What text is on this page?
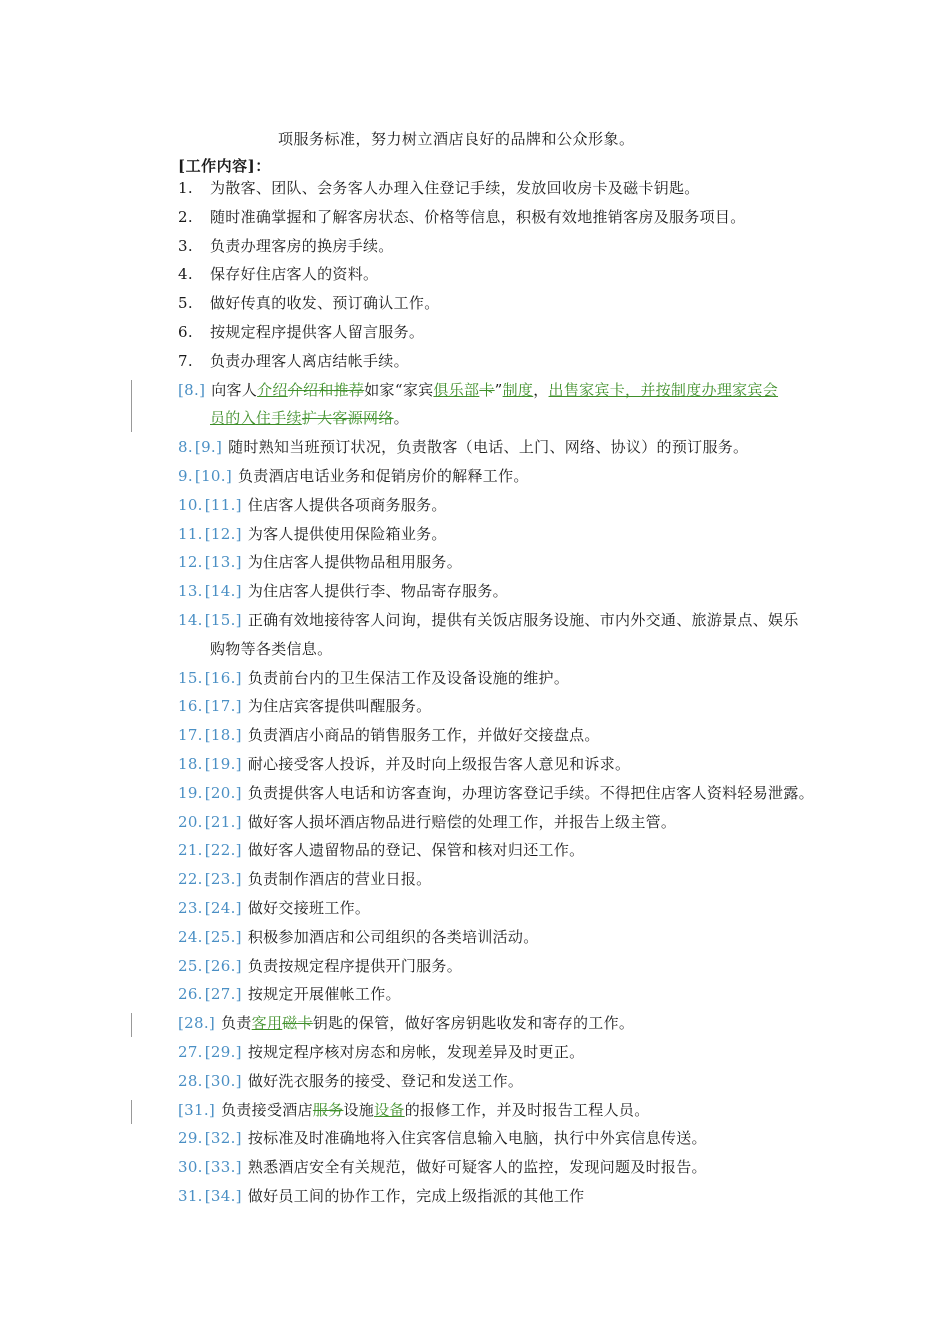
项服务标准，努力树立酒店良好的品牌和公众形象。
[工作内容]：
1. 为散客、团队、会务客人办理入住登记手续，发放回收房卡及磁卡钥匙。
2. 随时准确掌握和了解客房状态、价格等信息，积极有效地推销客房及服务项目。
3. 负责办理客房的换房手续。
4. 保存好住店客人的资料。
5. 做好传真的收发、预订确认工作。
6. 按规定程序提供客人留言服务。
7. 负责办理客人离店结帐手续。
[8.] 向客人介绍介绍和推荐如家“家宾俱乐部卡”制度，出售家宾卡，并按制度办理家宾会
员的入住手续扩大客源网络。
8. [9.] 随时熟知当班预订状况，负责散客（电话、上门、网络、协议）的预订服务。
9. [10.] 负责酒店电话业务和促销房价的解释工作。
10. [11.] 住店客人提供各项商务服务。
11. [12.] 为客人提供使用保险箱业务。
12. [13.] 为住店客人提供物品租用服务。
13. [14.] 为住店客人提供行李、物品寄存服务。
14. [15.] 正确有效地接待客人问询，提供有关饭店服务设施、市内外交通、旅游景点、娱乐
购物等各类信息。
15. [16.] 负责前台内的卫生保洁工作及设备设施的维护。
16. [17.] 为住店宾客提供叫醒服务。
17. [18.] 负责酒店小商品的销售服务工作，并做好交接盘点。
18. [19.] 耐心接受客人投诉，并及时向上级报告客人意见和诉求。
19. [20.] 负责提供客人电话和访客查询，办理访客登记手续。不得把住店客人资料轻易泄露。
20. [21.] 做好客人损坏酒店物品进行赔偿的处理工作，并报告上级主管。
21. [22.] 做好客人遗留物品的登记、保管和核对归还工作。
22. [23.] 负责制作酒店的营业日报。
23. [24.] 做好交接班工作。
24. [25.] 积极参加酒店和公司组织的各类培训活动。
25. [26.] 负责按规定程序提供开门服务。
26. [27.] 按规定开展催帐工作。
[28.] 负责客用磁卡钥匙的保管，做好客房钥匙收发和寄存的工作。
27. [29.] 按规定程序核对房态和房帐，发现差异及时更正。
28. [30.] 做好洗衣服务的接受、登记和发送工作。
[31.] 负责接受酒店服务设施设备的报修工作，并及时报告工程人员。
29. [32.] 按标准及时准确地将入住宾客信息输入电脑，执行中外宾信息传送。
30. [33.] 熟悉酒店安全有关规范，做好可疑客人的监控，发现问题及时报告。
31. [34.] 做好员工间的协作工作，完成上级指派的其他工作
